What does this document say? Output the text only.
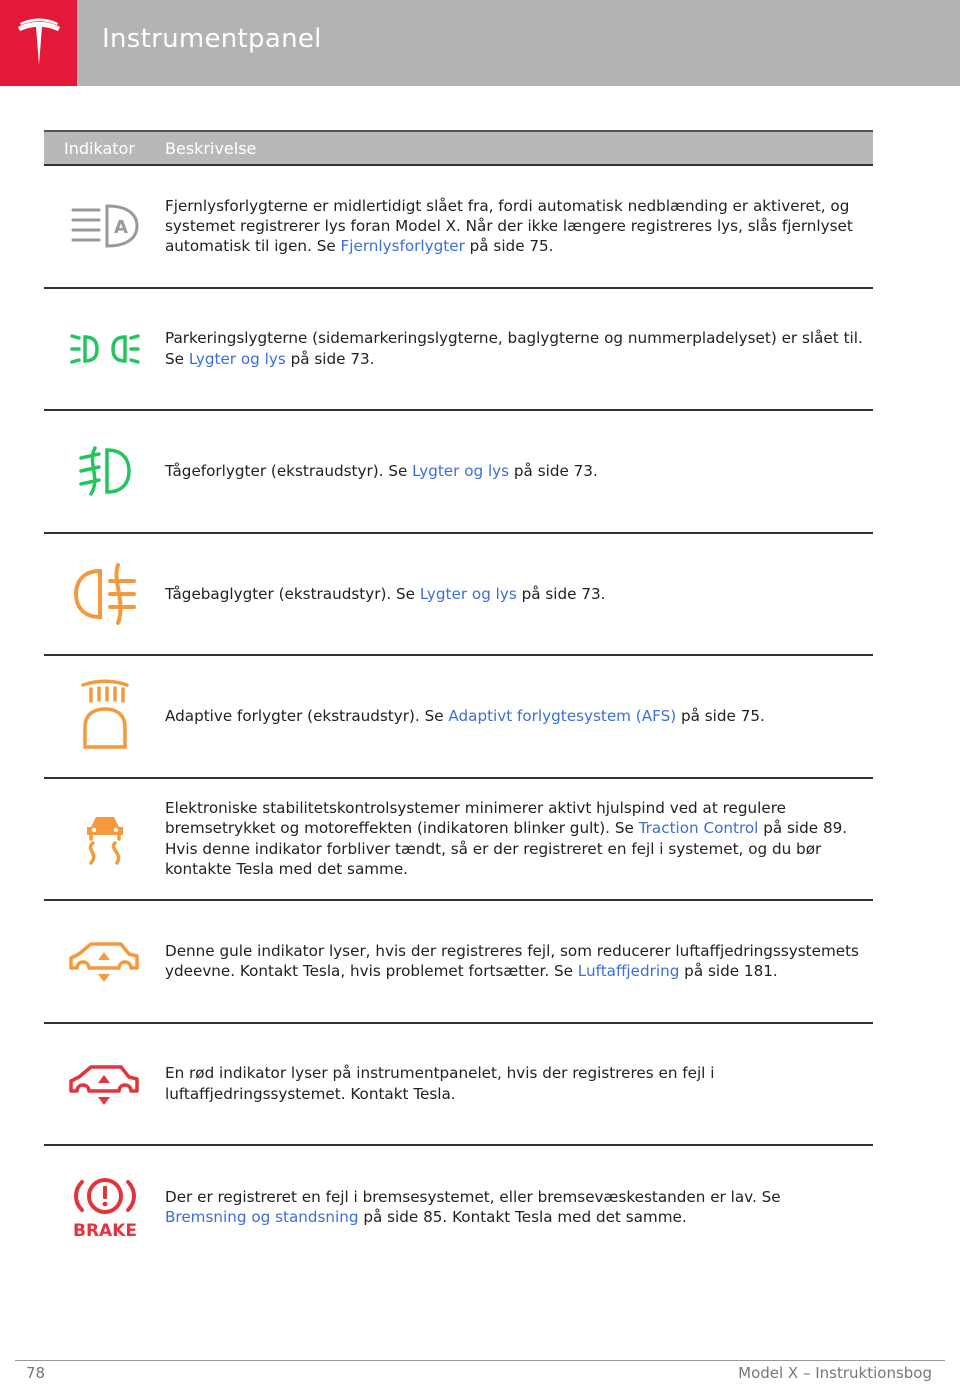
Instrumentpanel
Indikator	Beskrivelse
A
Fjernlysforlygterne er midlertidigt slået fra, fordi automatisk nedblænding er aktiveret, og systemet registrerer lys foran Model X. Når der ikke længere registreres lys, slås fjernlyset automatisk til igen. Se Fjernlysforlygter på side 75.
Parkeringslygterne (sidemarkeringslygterne, baglygterne og nummerpladelyset) er slået til. Se Lygter og lys på side 73.
Tågeforlygter (ekstraudstyr). Se Lygter og lys på side 73.
Tågebaglygter (ekstraudstyr). Se Lygter og lys på side 73.
Adaptive forlygter (ekstraudstyr). Se Adaptivt forlygtesystem (AFS) på side 75.
Elektroniske stabilitetskontrolsystemer minimerer aktivt hjulspind ved at regulere bremsetrykket og motoreffekten (indikatoren blinker gult). Se Traction Control på side 89. Hvis denne indikator forbliver tændt, så er der registreret en fejl i systemet, og du bør kontakte Tesla med det samme.
Denne gule indikator lyser, hvis der registreres fejl, som reducerer luftaffjedringssystemets ydeevne. Kontakt Tesla, hvis problemet fortsætter. Se Luftaffjedring på side 181.
En rød indikator lyser på instrumentpanelet, hvis der registreres en fejl i luftaffjedringssystemet. Kontakt Tesla.
BRAKE
Der er registreret en fejl i bremsesystemet, eller bremsevæskestanden er lav. Se Bremsning og standsning på side 85. Kontakt Tesla med det samme.
78	Model X – Instruktionsbog
